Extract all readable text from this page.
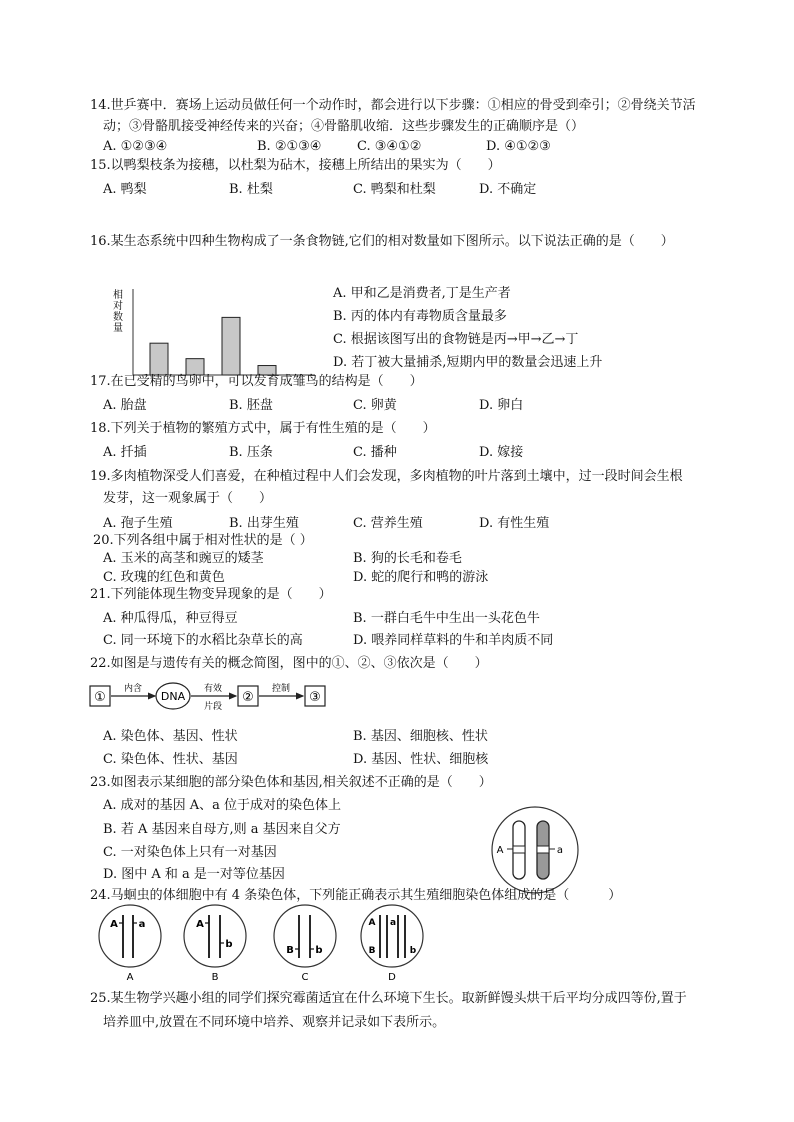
14.世乒赛中．赛场上运动员做任何一个动作时，都会进行以下步骤：①相应的骨受到牵引；②骨绕关节活
动；③骨骼肌接受神经传来的兴奋；④骨骼肌收缩．这些步骤发生的正确顺序是（）
A. ①②③④	B. ②①③④	C. ③④①②	D. ④①②③
15.以鸭梨枝条为接穗，以杜梨为砧木，接穗上所结出的果实为（　　）
A. 鸭梨	B. 杜梨	C. 鸭梨和杜梨	D. 不确定
16.某生态系统中四种生物构成了一条食物链,它们的相对数量如下图所示。以下说法正确的是（　　）
相
对
数
量
A. 甲和乙是消费者,丁是生产者
B. 丙的体内有毒物质含量最多
C. 根据该图写出的食物链是丙→甲→乙→丁
D. 若丁被大量捕杀,短期内甲的数量会迅速上升
17.在已受精的鸟卵中，可以发育成雏鸟的结构是（　　）
A. 胎盘	B. 胚盘	C. 卵黄	D. 卵白
18.下列关于植物的繁殖方式中，属于有性生殖的是（　　）
A. 扦插	B. 压条	C. 播种	D. 嫁接
19.多肉植物深受人们喜爱，在种植过程中人们会发现，多肉植物的叶片落到土壤中，过一段时间会生根
发芽，这一观象属于（　　）
A. 孢子生殖	B. 出芽生殖	C. 营养生殖	D. 有性生殖
20.下列各组中属于相对性状的是（ ）
A. 玉米的高茎和豌豆的矮茎	B. 狗的长毛和卷毛
C. 玫瑰的红色和黄色	D. 蛇的爬行和鸭的游泳
21.下列能体现生物变异现象的是（　　）
A. 种瓜得瓜，种豆得豆	B. 一群白毛牛中生出一头花色牛
C. 同一环境下的水稻比杂草长的高	D. 喂养同样草料的牛和羊肉质不同
22.如图是与遗传有关的概念简图，图中的①、②、③依次是（　　）
①
内含
DNA
有效
片段
②
控制
③
A. 染色体、基因、性状	B. 基因、细胞核、性状
C. 染色体、性状、基因	D. 基因、性状、细胞核
23.如图表示某细胞的部分染色体和基因,相关叙述不正确的是（　　）
A. 成对的基因 A、a 位于成对的染色体上
B. 若 A 基因来自母方,则 a 基因来自父方
C. 一对染色体上只有一对基因
D. 图中 A 和 a 是一对等位基因
A	a
24.马蛔虫的体细胞中有 4 条染色体，下列能正确表示其生殖细胞染色体组成的是（　　　）
A a
A
A
b
B
B b
C
A a
B	b
D
25.某生物学兴趣小组的同学们探究霉菌适宜在什么环境下生长。取新鲜馒头烘干后平均分成四等份,置于
培养皿中,放置在不同环境中培养、观察并记录如下表所示。
